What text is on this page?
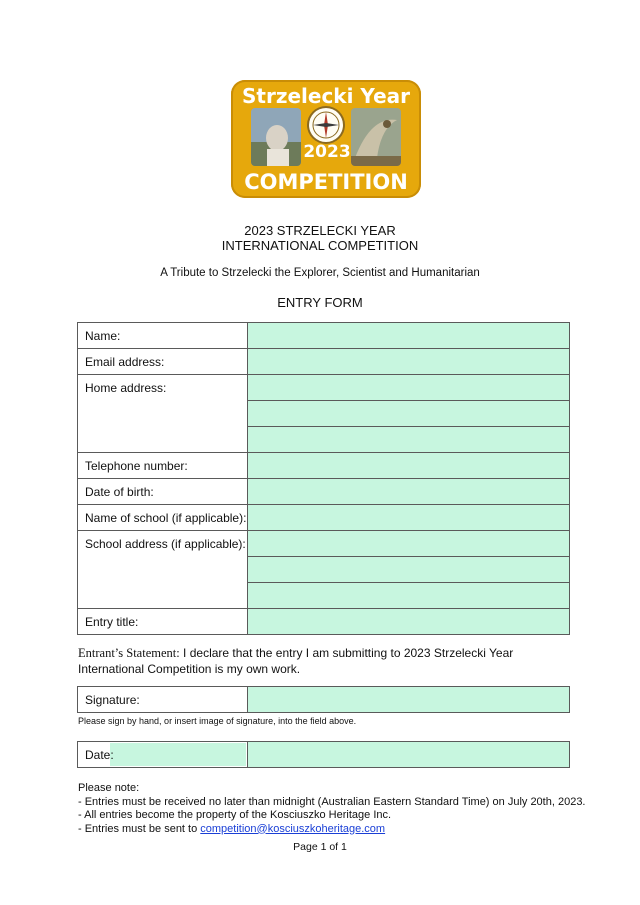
Strzelecki Year
2023
COMPETITION
2023 STRZELECKI YEAR
INTERNATIONAL COMPETITION
A Tribute to Strzelecki the Explorer, Scientist and Humanitarian
ENTRY FORM
Name:	
Email address:	
Home address:	

Telephone number:	
Date of birth:	
Name of school (if applicable):	
School address (if applicable):	

Entry title:	
Entrant’s Statement: I declare that the entry I am submitting to 2023 Strzelecki Year International Competition is my own work.
Signature:	
Please sign by hand, or insert image of signature, into the field above.
Date:

Please note:
- Entries must be received no later than midnight (Australian Eastern Standard Time) on July 20th, 2023.
- All entries become the property of the Kosciuszko Heritage Inc.
- Entries must be sent to competition@kosciuszkoheritage.com
Page 1 of 1
